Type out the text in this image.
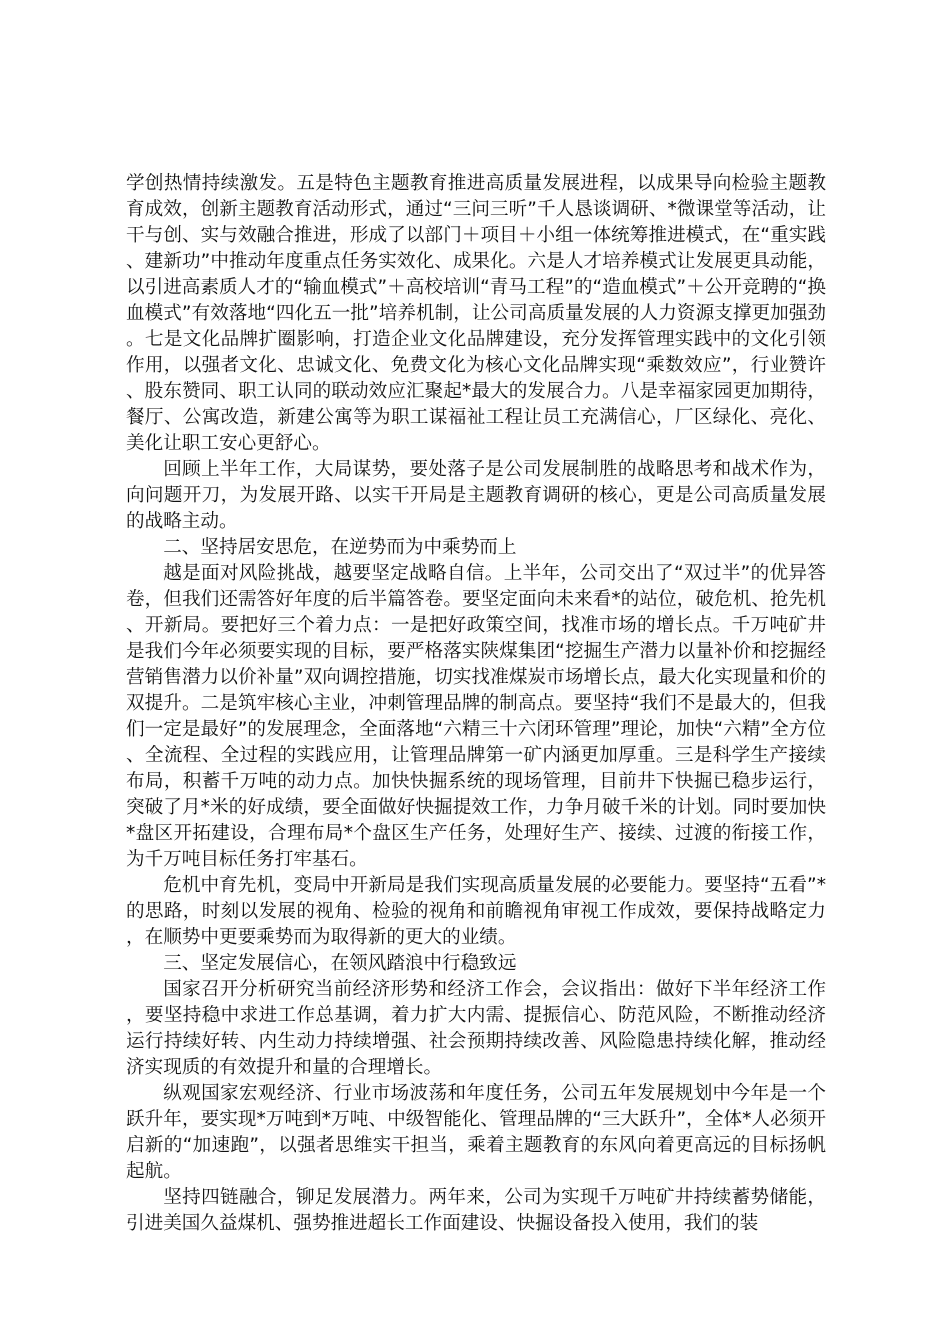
学创热情持续激发。五是特色主题教育推进高质量发展进程，以成果导向检验主题教育成效，创新主题教育活动形式，通过“三问三听”千人恳谈调研、*微课堂等活动，让干与创、实与效融合推进，形成了以部门＋项目＋小组一体统筹推进模式，在“重实践、建新功”中推动年度重点任务实效化、成果化。六是人才培养模式让发展更具动能，以引进高素质人才的“输血模式”＋高校培训“青马工程”的“造血模式”＋公开竞聘的“换血模式”有效落地“四化五一批”培养机制，让公司高质量发展的人力资源支撑更加强劲。七是文化品牌扩圈影响，打造企业文化品牌建设，充分发挥管理实践中的文化引领作用，以强者文化、忠诚文化、免费文化为核心文化品牌实现“乘数效应”，行业赞许、股东赞同、职工认同的联动效应汇聚起*最大的发展合力。八是幸福家园更加期待，餐厅、公寓改造，新建公寓等为职工谋福祉工程让员工充满信心，厂区绿化、亮化、美化让职工安心更舒心。

回顾上半年工作，大局谋势，要处落子是公司发展制胜的战略思考和战术作为，向问题开刀，为发展开路、以实干开局是主题教育调研的核心，更是公司高质量发展的战略主动。

二、坚持居安思危，在逆势而为中乘势而上

越是面对风险挑战，越要坚定战略自信。上半年，公司交出了“双过半”的优异答卷，但我们还需答好年度的后半篇答卷。要坚定面向未来看*的站位，破危机、抢先机、开新局。要把好三个着力点：一是把好政策空间，找准市场的增长点。千万吨矿井是我们今年必须要实现的目标，要严格落实陕煤集团“挖掘生产潜力以量补价和挖掘经营销售潜力以价补量”双向调控措施，切实找准煤炭市场增长点，最大化实现量和价的双提升。二是筑牢核心主业，冲刺管理品牌的制高点。要坚持“我们不是最大的，但我们一定是最好”的发展理念，全面落地“六精三十六闭环管理”理论，加快“六精”全方位、全流程、全过程的实践应用，让管理品牌第一矿内涵更加厚重。三是科学生产接续布局，积蓄千万吨的动力点。加快快掘系统的现场管理，目前井下快掘已稳步运行，突破了月*米的好成绩，要全面做好快掘提效工作，力争月破千米的计划。同时要加快*盘区开拓建设，合理布局*个盘区生产任务，处理好生产、接续、过渡的衔接工作，为千万吨目标任务打牢基石。

危机中育先机，变局中开新局是我们实现高质量发展的必要能力。要坚持“五看”*的思路，时刻以发展的视角、检验的视角和前瞻视角审视工作成效，要保持战略定力，在顺势中更要乘势而为取得新的更大的业绩。

三、坚定发展信心，在领风踏浪中行稳致远

国家召开分析研究当前经济形势和经济工作会，会议指出：做好下半年经济工作，要坚持稳中求进工作总基调，着力扩大内需、提振信心、防范风险，不断推动经济运行持续好转、内生动力持续增强、社会预期持续改善、风险隐患持续化解，推动经济实现质的有效提升和量的合理增长。

纵观国家宏观经济、行业市场波荡和年度任务，公司五年发展规划中今年是一个跃升年，要实现*万吨到*万吨、中级智能化、管理品牌的“三大跃升”，全体*人必须开启新的“加速跑”，以强者思维实干担当，乘着主题教育的东风向着更高远的目标扬帆起航。

坚持四链融合，铆足发展潜力。两年来，公司为实现千万吨矿井持续蓄势储能，引进美国久益煤机、强势推进超长工作面建设、快掘设备投入使用，我们的装
